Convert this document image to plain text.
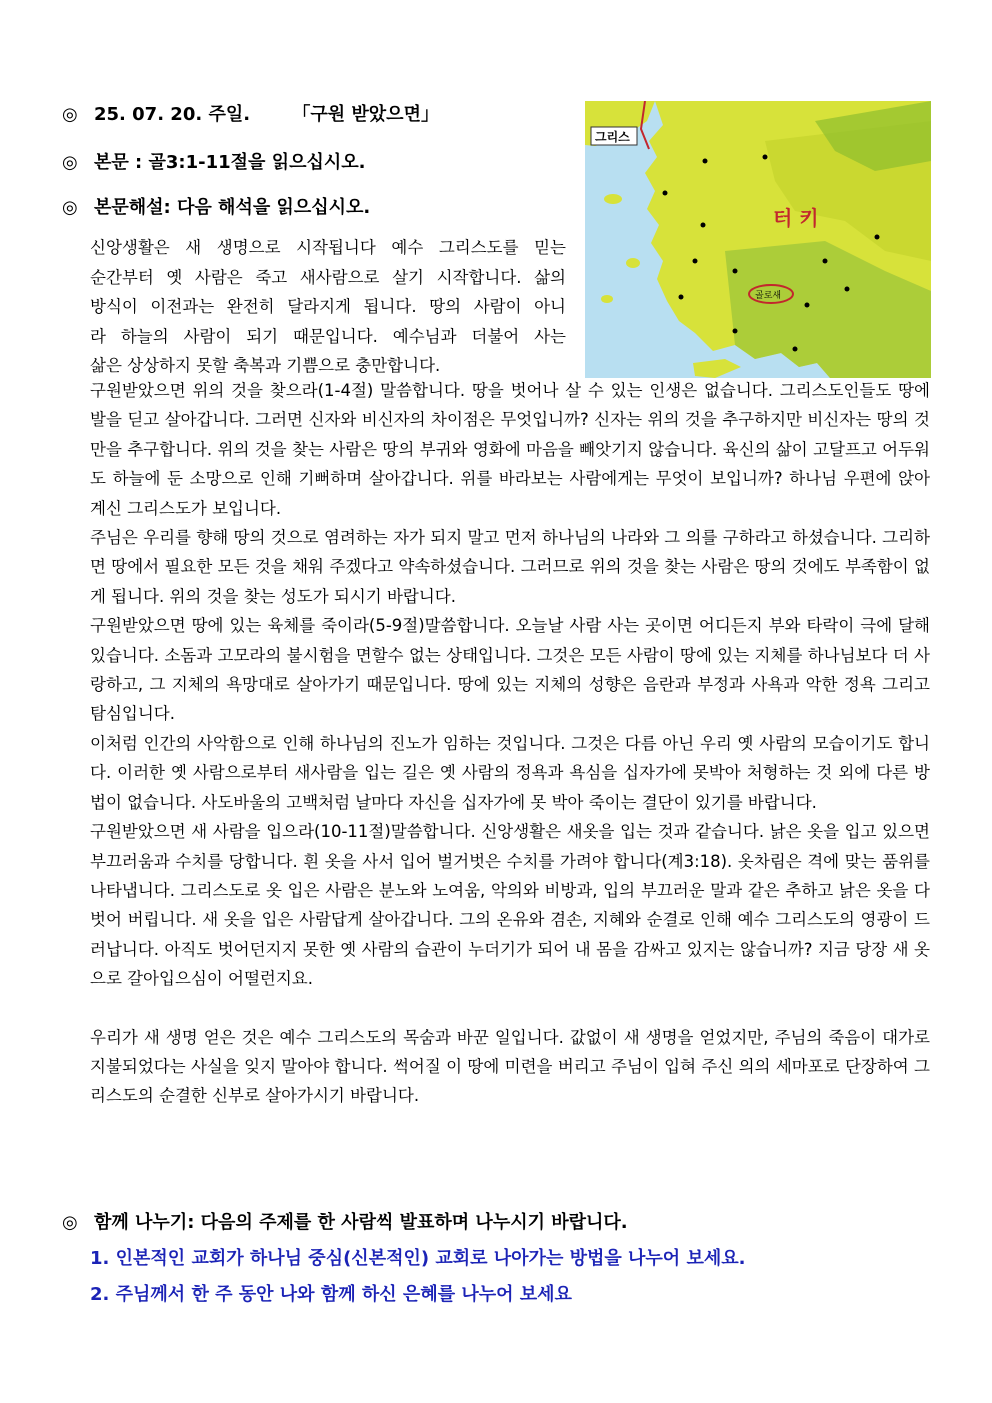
◎ 25. 07. 20. 주일. 「구원 받았으면」
◎ 본문 : 골3:1-11절을 읽으십시오.
◎ 본문해설: 다음 해석을 읽으십시오.
그리스
터 키
골로새
신앙생활은 새 생명으로 시작됩니다 예수 그리스도를 믿는
순간부터 옛 사람은 죽고 새사람으로 살기 시작합니다. 삶의
방식이 이전과는 완전히 달라지게 됩니다. 땅의 사람이 아니
라 하늘의 사람이 되기 때문입니다. 예수님과 더불어 사는
삶은 상상하지 못할 축복과 기쁨으로 충만합니다.

구원받았으면 위의 것을 찾으라(1-4절) 말씀합니다. 땅을 벗어나 살 수 있는 인생은 없습니다. 그리스도인들도 땅에 발을 딛고 살아갑니다. 그러면 신자와 비신자의 차이점은 무엇입니까? 신자는 위의 것을 추구하지만 비신자는 땅의 것만을 추구합니다. 위의 것을 찾는 사람은 땅의 부귀와 영화에 마음을 빼앗기지 않습니다. 육신의 삶이 고달프고 어두워도 하늘에 둔 소망으로 인해 기뻐하며 살아갑니다. 위를 바라보는 사람에게는 무엇이 보입니까? 하나님 우편에 앉아 계신 그리스도가 보입니다.

주님은 우리를 향해 땅의 것으로 염려하는 자가 되지 말고 먼저 하나님의 나라와 그 의를 구하라고 하셨습니다. 그리하면 땅에서 필요한 모든 것을 채워 주겠다고 약속하셨습니다. 그러므로 위의 것을 찾는 사람은 땅의 것에도 부족함이 없게 됩니다. 위의 것을 찾는 성도가 되시기 바랍니다.

구원받았으면 땅에 있는 육체를 죽이라(5-9절)말씀합니다. 오늘날 사람 사는 곳이면 어디든지 부와 타락이 극에 달해 있습니다. 소돔과 고모라의 불시험을 면할수 없는 상태입니다. 그것은 모든 사람이 땅에 있는 지체를 하나님보다 더 사랑하고, 그 지체의 욕망대로 살아가기 때문입니다. 땅에 있는 지체의 성향은 음란과 부정과 사욕과 악한 정욕 그리고 탐심입니다.

이처럼 인간의 사악함으로 인해 하나님의 진노가 임하는 것입니다. 그것은 다름 아닌 우리 옛 사람의 모습이기도 합니다. 이러한 옛 사람으로부터 새사람을 입는 길은 옛 사람의 정욕과 욕심을 십자가에 못박아 처형하는 것 외에 다른 방법이 없습니다. 사도바울의 고백처럼 날마다 자신을 십자가에 못 박아 죽이는 결단이 있기를 바랍니다.

구원받았으면 새 사람을 입으라(10-11절)말씀합니다. 신앙생활은 새옷을 입는 것과 같습니다. 낡은 옷을 입고 있으면 부끄러움과 수치를 당합니다. 흰 옷을 사서 입어 벌거벗은 수치를 가려야 합니다(계3:18). 옷차림은 격에 맞는 품위를 나타냅니다. 그리스도로 옷 입은 사람은 분노와 노여움, 악의와 비방과, 입의 부끄러운 말과 같은 추하고 낡은 옷을 다 벗어 버립니다. 새 옷을 입은 사람답게 살아갑니다. 그의 온유와 겸손, 지혜와 순결로 인해 예수 그리스도의 영광이 드러납니다. 아직도 벗어던지지 못한 옛 사람의 습관이 누더기가 되어 내 몸을 감싸고 있지는 않습니까? 지금 당장 새 옷으로 갈아입으심이 어떨런지요.

우리가 새 생명 얻은 것은 예수 그리스도의 목숨과 바꾼 일입니다. 값없이 새 생명을 얻었지만, 주님의 죽음이 대가로 지불되었다는 사실을 잊지 말아야 합니다. 썩어질 이 땅에 미련을 버리고 주님이 입혀 주신 의의 세마포로 단장하여 그리스도의 순결한 신부로 살아가시기 바랍니다.

◎ 함께 나누기: 다음의 주제를 한 사람씩 발표하며 나누시기 바랍니다.
1. 인본적인 교회가 하나님 중심(신본적인) 교회로 나아가는 방법을 나누어 보세요.
2. 주님께서 한 주 동안 나와 함께 하신 은혜를 나누어 보세요
